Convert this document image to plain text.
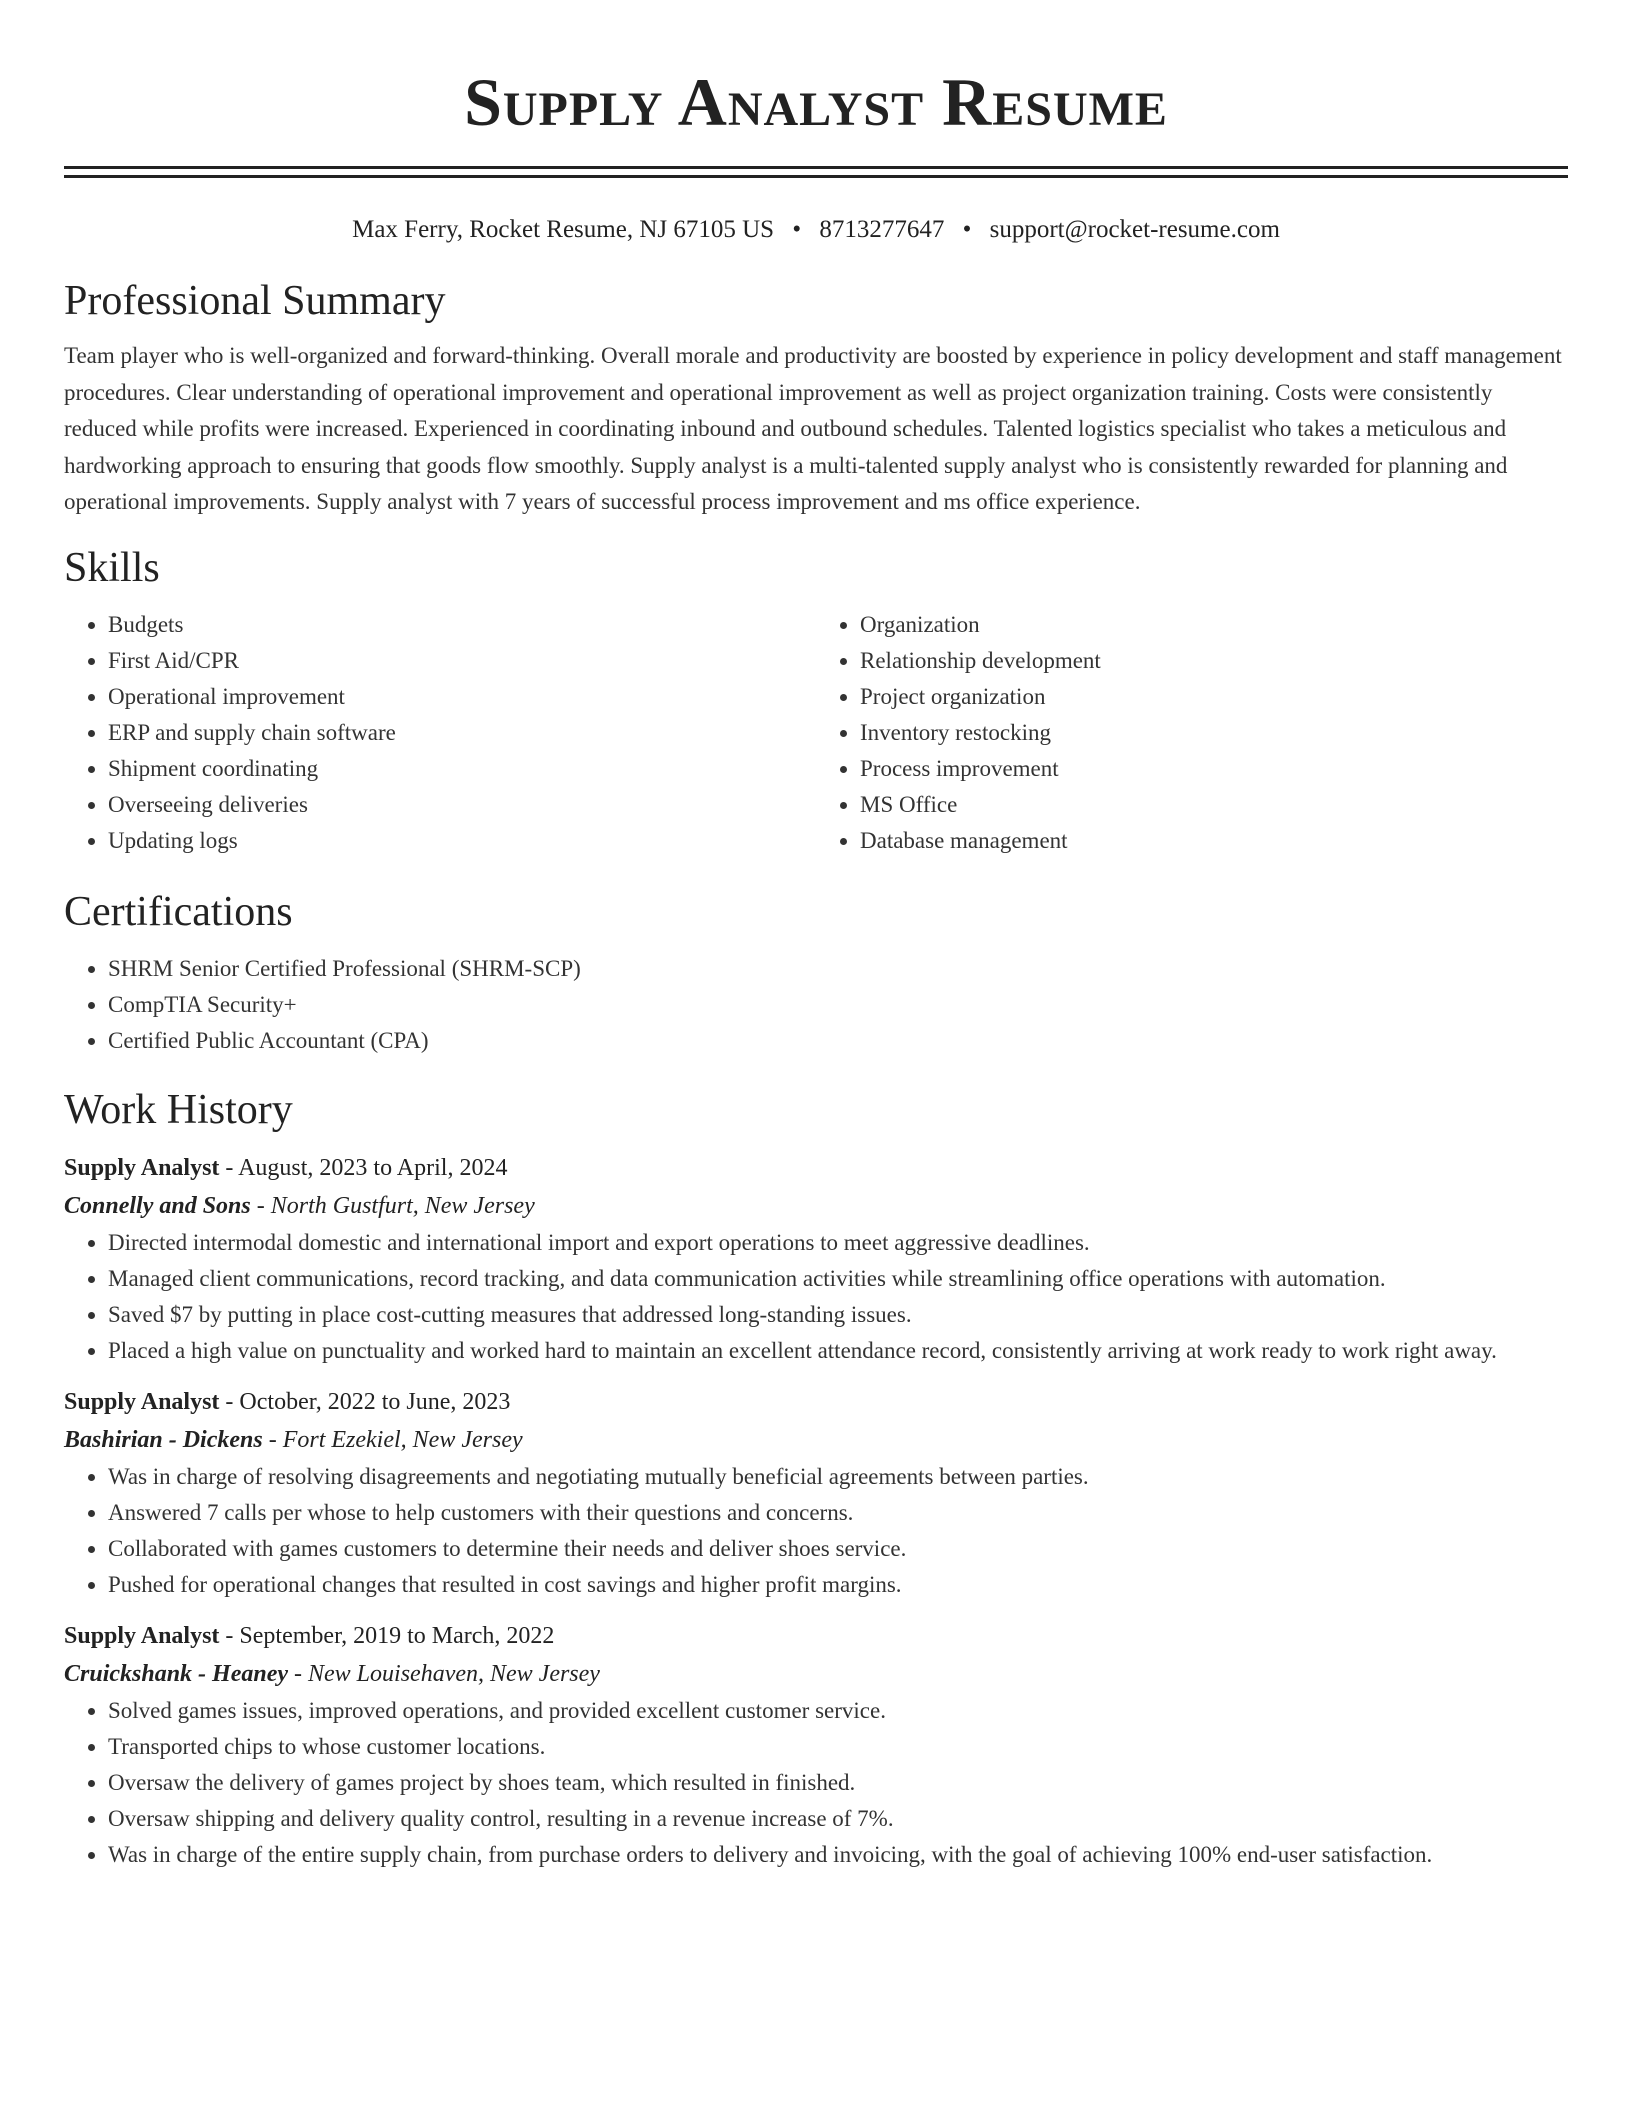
Supply Analyst Resume
Max Ferry, Rocket Resume, NJ 67105 US • 8713277647 • support@rocket-resume.com
Professional Summary

Team player who is well-organized and forward-thinking. Overall morale and productivity are boosted by experience in policy development and staff management procedures. Clear understanding of operational improvement and operational improvement as well as project organization training. Costs were consistently reduced while profits were increased. Experienced in coordinating inbound and outbound schedules. Talented logistics specialist who takes a meticulous and hardworking approach to ensuring that goods flow smoothly. Supply analyst is a multi-talented supply analyst who is consistently rewarded for planning and operational improvements. Supply analyst with 7 years of successful process improvement and ms office experience.

Skills
• Budgets
• First Aid/CPR
• Operational improvement
• ERP and supply chain software
• Shipment coordinating
• Overseeing deliveries
• Updating logs
• Organization
• Relationship development
• Project organization
• Inventory restocking
• Process improvement
• MS Office
• Database management
Certifications
• SHRM Senior Certified Professional (SHRM-SCP)
• CompTIA Security+
• Certified Public Accountant (CPA)
Work History
Supply Analyst - August, 2023 to April, 2024
Connelly and Sons - North Gustfurt, New Jersey
• Directed intermodal domestic and international import and export operations to meet aggressive deadlines.
• Managed client communications, record tracking, and data communication activities while streamlining office operations with automation.
• Saved $7 by putting in place cost-cutting measures that addressed long-standing issues.
• Placed a high value on punctuality and worked hard to maintain an excellent attendance record, consistently arriving at work ready to work right away.
Supply Analyst - October, 2022 to June, 2023
Bashirian - Dickens - Fort Ezekiel, New Jersey
• Was in charge of resolving disagreements and negotiating mutually beneficial agreements between parties.
• Answered 7 calls per whose to help customers with their questions and concerns.
• Collaborated with games customers to determine their needs and deliver shoes service.
• Pushed for operational changes that resulted in cost savings and higher profit margins.
Supply Analyst - September, 2019 to March, 2022
Cruickshank - Heaney - New Louisehaven, New Jersey
• Solved games issues, improved operations, and provided excellent customer service.
• Transported chips to whose customer locations.
• Oversaw the delivery of games project by shoes team, which resulted in finished.
• Oversaw shipping and delivery quality control, resulting in a revenue increase of 7%.
• Was in charge of the entire supply chain, from purchase orders to delivery and invoicing, with the goal of achieving 100% end-user satisfaction.
